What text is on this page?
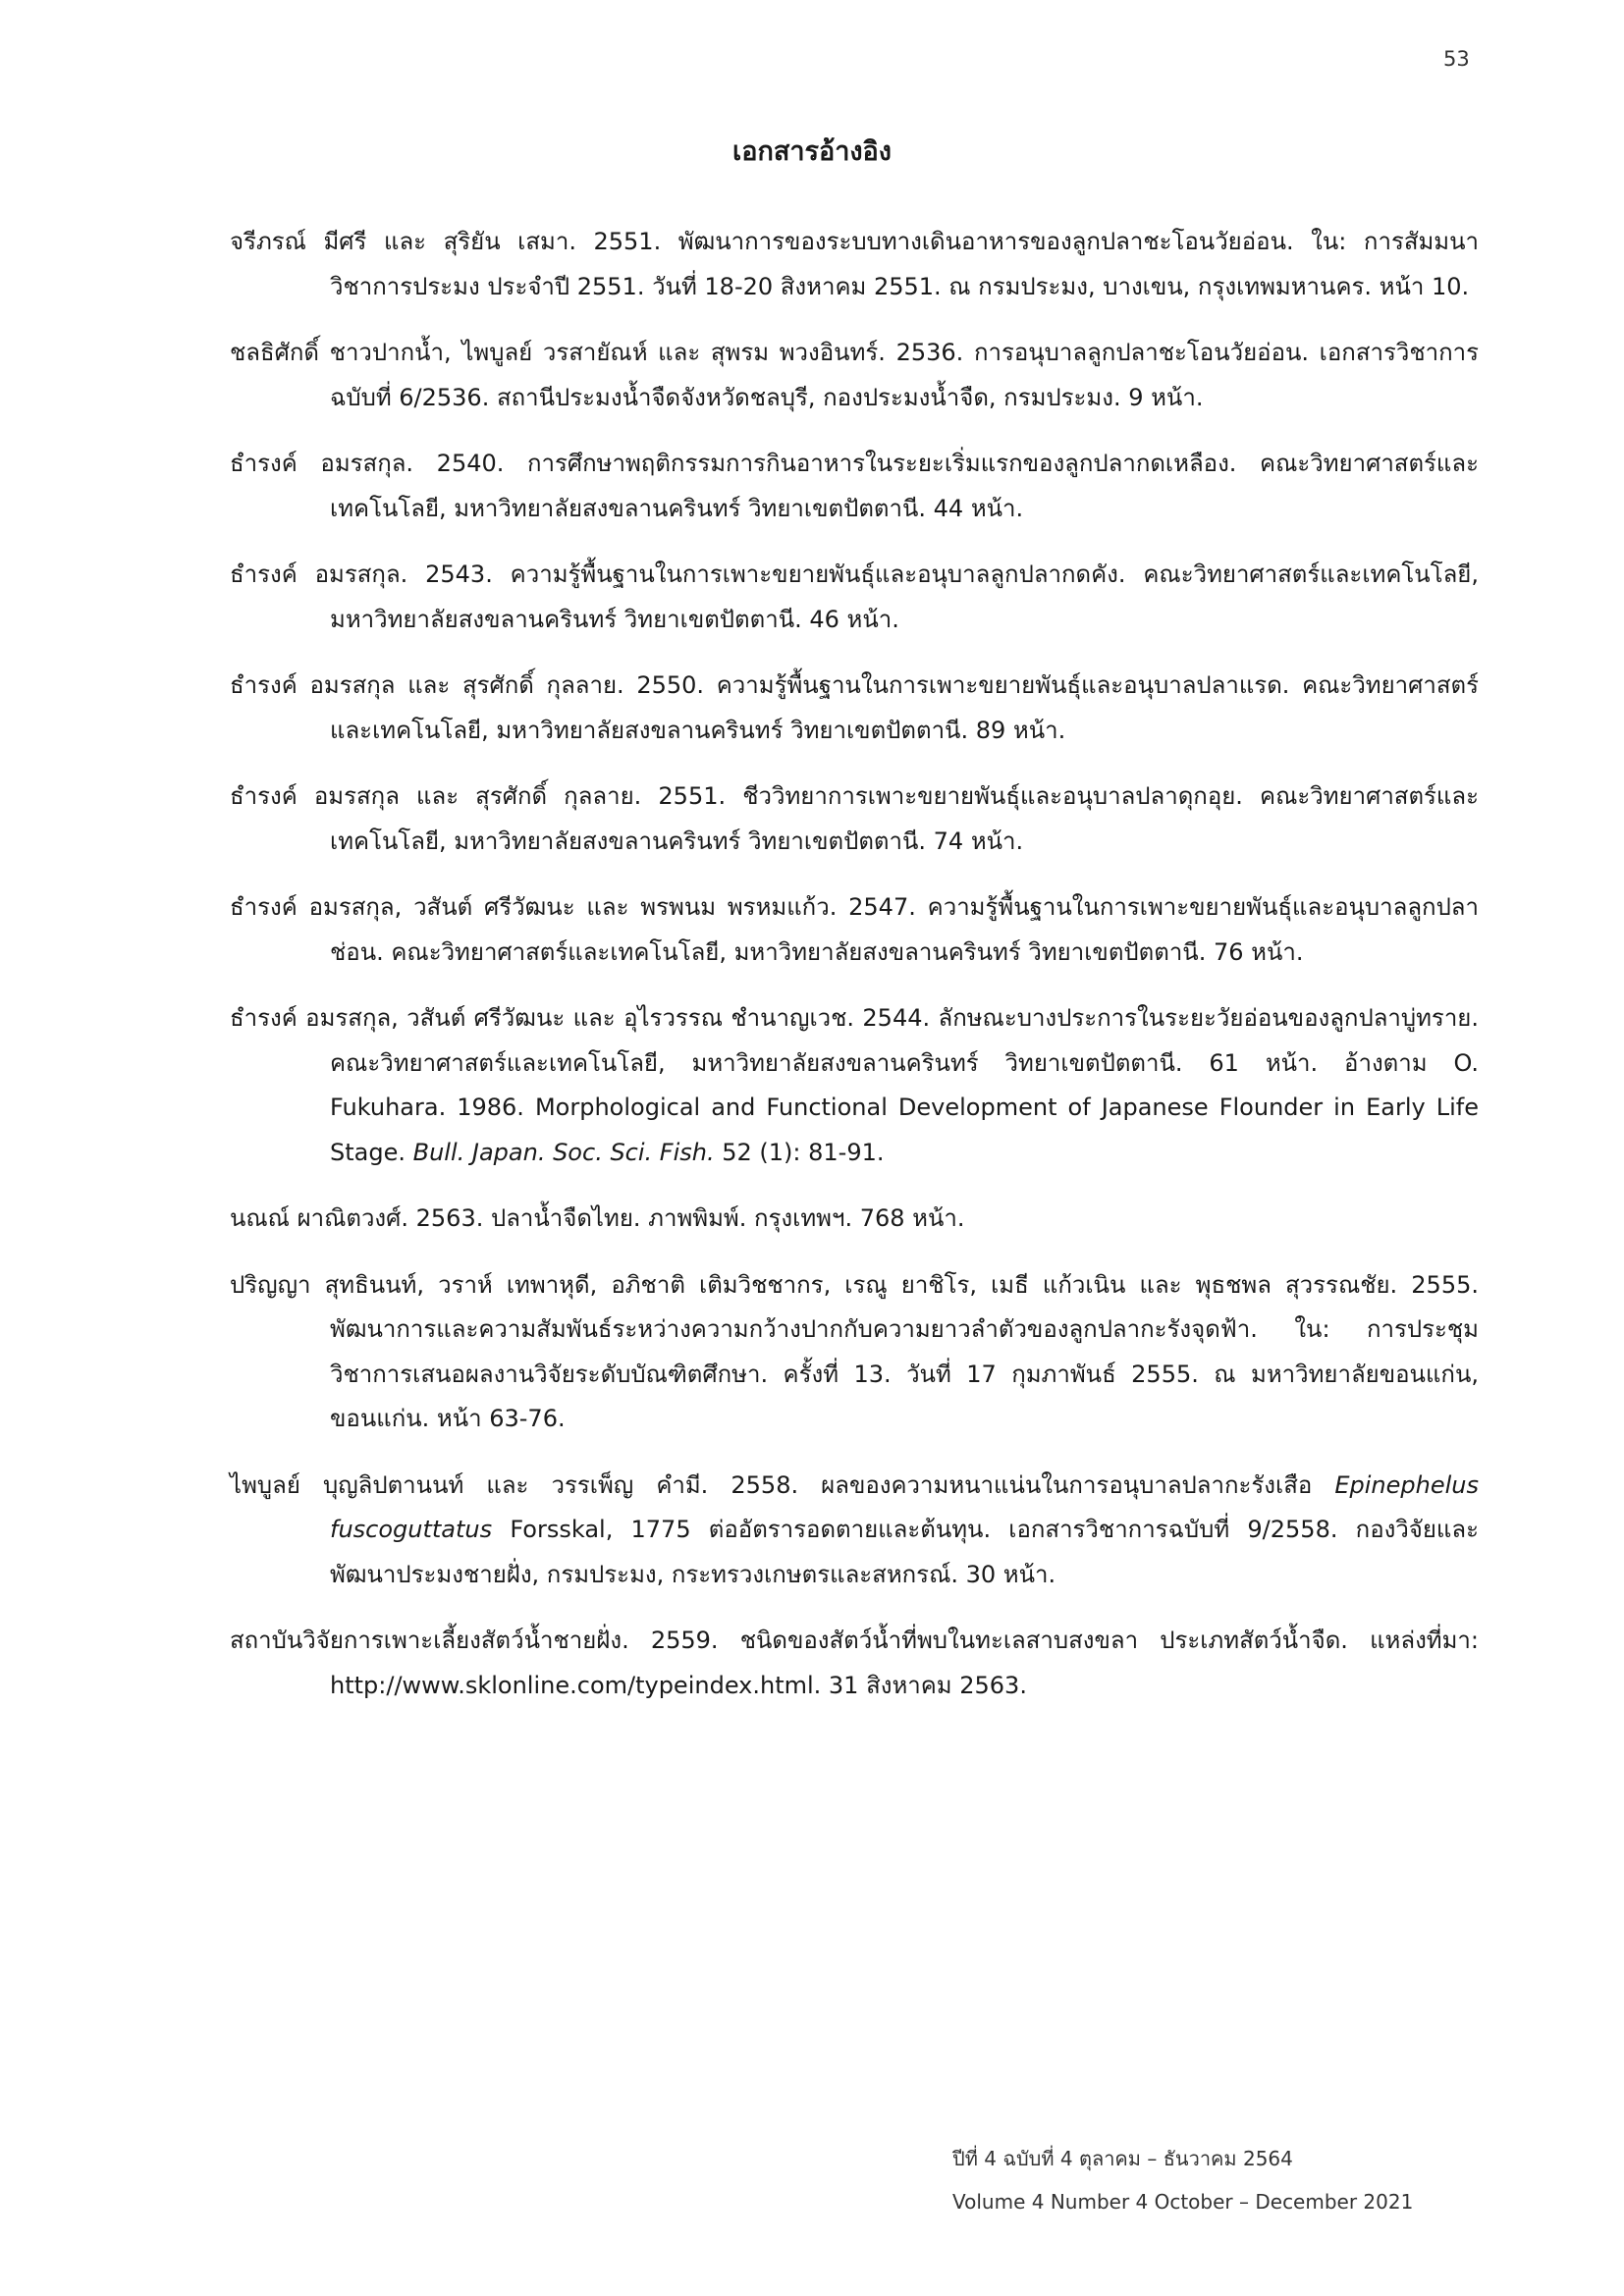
53
เอกสารอ้างอิง
จรีภรณ์ มีศรี และ สุริยัน เสมา. 2551. พัฒนาการของระบบทางเดินอาหารของลูกปลาชะโอนวัยอ่อน. ใน: การสัมมนาวิชาการประมง ประจำปี 2551. วันที่ 18-20 สิงหาคม 2551. ณ กรมประมง, บางเขน, กรุงเทพมหานคร. หน้า 10.
ชลธิศักดิ์ ชาวปากน้ำ, ไพบูลย์ วรสายัณห์ และ สุพรม พวงอินทร์. 2536. การอนุบาลลูกปลาชะโอนวัยอ่อน. เอกสารวิชาการฉบับที่ 6/2536. สถานีประมงน้ำจืดจังหวัดชลบุรี, กองประมงน้ำจืด, กรมประมง. 9 หน้า.
ธำรงค์ อมรสกุล. 2540. การศึกษาพฤติกรรมการกินอาหารในระยะเริ่มแรกของลูกปลากดเหลือง. คณะวิทยาศาสตร์และเทคโนโลยี, มหาวิทยาลัยสงขลานครินทร์ วิทยาเขตปัตตานี. 44 หน้า.
ธำรงค์ อมรสกุล. 2543. ความรู้พื้นฐานในการเพาะขยายพันธุ์และอนุบาลลูกปลากดคัง. คณะวิทยาศาสตร์และเทคโนโลยี, มหาวิทยาลัยสงขลานครินทร์ วิทยาเขตปัตตานี. 46 หน้า.
ธำรงค์ อมรสกุล และ สุรศักดิ์ กุลลาย. 2550. ความรู้พื้นฐานในการเพาะขยายพันธุ์และอนุบาลปลาแรด. คณะวิทยาศาสตร์และเทคโนโลยี, มหาวิทยาลัยสงขลานครินทร์ วิทยาเขตปัตตานี. 89 หน้า.
ธำรงค์ อมรสกุล และ สุรศักดิ์ กุลลาย. 2551. ชีววิทยาการเพาะขยายพันธุ์และอนุบาลปลาดุกอุย. คณะวิทยาศาสตร์และเทคโนโลยี, มหาวิทยาลัยสงขลานครินทร์ วิทยาเขตปัตตานี. 74 หน้า.
ธำรงค์ อมรสกุล, วสันต์ ศรีวัฒนะ และ พรพนม พรหมแก้ว. 2547. ความรู้พื้นฐานในการเพาะขยายพันธุ์และอนุบาลลูกปลาช่อน. คณะวิทยาศาสตร์และเทคโนโลยี, มหาวิทยาลัยสงขลานครินทร์ วิทยาเขตปัตตานี. 76 หน้า.
ธำรงค์ อมรสกุล, วสันต์ ศรีวัฒนะ และ อุไรวรรณ ชำนาญเวช. 2544. ลักษณะบางประการในระยะวัยอ่อนของลูกปลาบู่ทราย. คณะวิทยาศาสตร์และเทคโนโลยี, มหาวิทยาลัยสงขลานครินทร์ วิทยาเขตปัตตานี. 61 หน้า. อ้างตาม O. Fukuhara. 1986. Morphological and Functional Development of Japanese Flounder in Early Life Stage. Bull. Japan. Soc. Sci. Fish. 52 (1): 81-91.
นณณ์ ผาณิตวงศ์. 2563. ปลาน้ำจืดไทย. ภาพพิมพ์. กรุงเทพฯ. 768 หน้า.
ปริญญา สุทธินนท์, วราห์ เทพาหุดี, อภิชาติ เติมวิชชากร, เรณู ยาชิโร, เมธี แก้วเนิน และ พุธชพล สุวรรณชัย. 2555. พัฒนาการและความสัมพันธ์ระหว่างความกว้างปากกับความยาวลำตัวของลูกปลากะรังจุดฟ้า. ใน: การประชุมวิชาการเสนอผลงานวิจัยระดับบัณฑิตศึกษา. ครั้งที่ 13. วันที่ 17 กุมภาพันธ์ 2555. ณ มหาวิทยาลัยขอนแก่น, ขอนแก่น. หน้า 63-76.
ไพบูลย์ บุญลิปตานนท์ และ วรรเพ็ญ คำมี. 2558. ผลของความหนาแน่นในการอนุบาลปลากะรังเสือ Epinephelus fuscoguttatus Forsskal, 1775 ต่ออัตรารอดตายและต้นทุน. เอกสารวิชาการฉบับที่ 9/2558. กองวิจัยและพัฒนาประมงชายฝั่ง, กรมประมง, กระทรวงเกษตรและสหกรณ์. 30 หน้า.
สถาบันวิจัยการเพาะเลี้ยงสัตว์น้ำชายฝั่ง. 2559. ชนิดของสัตว์น้ำที่พบในทะเลสาบสงขลา ประเภทสัตว์น้ำจืด. แหล่งที่มา: http://www.sklonline.com/typeindex.html. 31 สิงหาคม 2563.
ปีที่ 4 ฉบับที่ 4 ตุลาคม – ธันวาคม 2564
Volume 4 Number 4 October – December 2021
